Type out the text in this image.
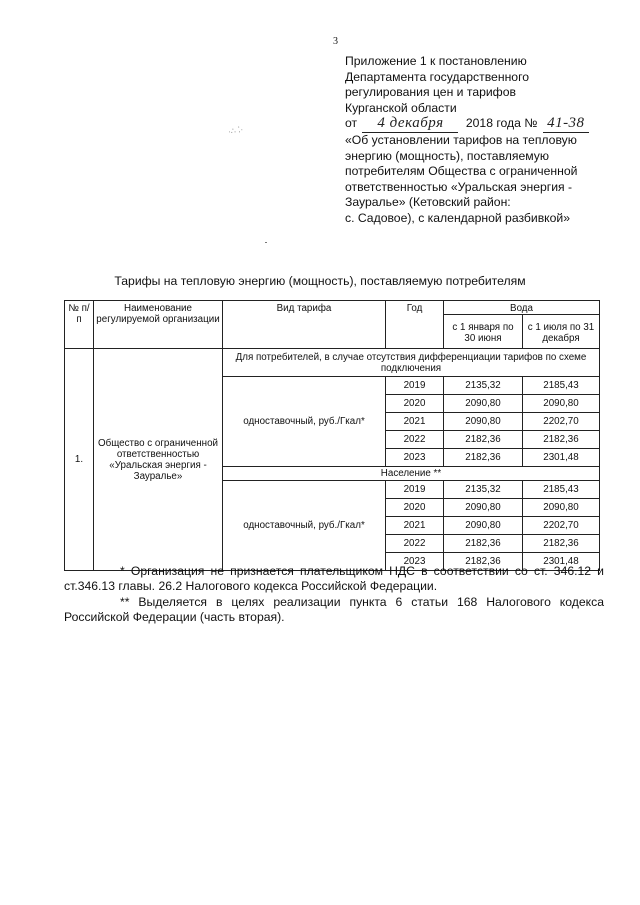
3
Приложение 1 к постановлению
Департамента государственного
регулирования цен и тарифов
Курганской области
от 4 декабря 2018 года № 41-38
«Об установлении тарифов на тепловую
энергию (мощность), поставляемую
потребителям Общества с ограниченной
ответственностью «Уральская энергия -
Зауралье» (Кетовский район:
с. Садовое), с календарной разбивкой»
·∴ ⁚·
Тарифы на тепловую энергию (мощность), поставляемую потребителям
№ п/п	Наименование регулируемой организации	Вид тарифа	Год	Вода	
				с 1 января по 30 июня	с 1 июля по 31 декабря
1.	Общество с ограниченной ответственностью «Уральская энергия - Зауралье»	Для потребителей, в случае отсутствия дифференциации тарифов по схеме подключения			
		одноставочный, руб./Гкал*	2019	2135,32	2185,43
			2020	2090,80	2090,80
			2021	2090,80	2202,70
			2022	2182,36	2182,36
			2023	2182,36	2301,48
		Население **			
		одноставочный, руб./Гкал*	2019	2135,32	2185,43
			2020	2090,80	2090,80
			2021	2090,80	2202,70
			2022	2182,36	2182,36
			2023	2182,36	2301,48

* Организация не признается плательщиком НДС в соответствии со ст. 346.12 и ст.346.13 главы. 26.2 Налогового кодекса Российской Федерации.

** Выделяется в целях реализации пункта 6 статьи 168 Налогового кодекса Российской Федерации (часть вторая).
